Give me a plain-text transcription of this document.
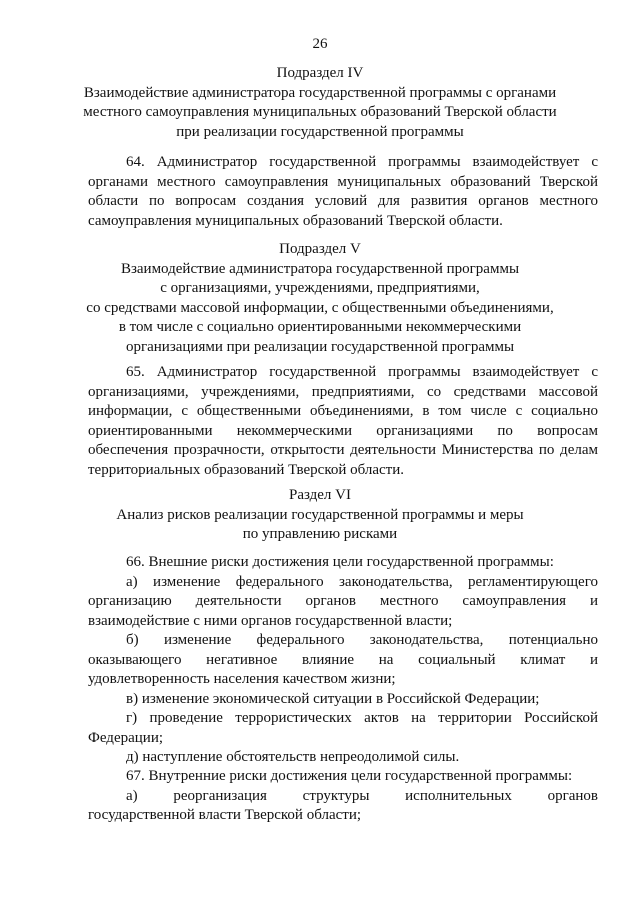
26
Подраздел IV
Взаимодействие администратора государственной программы с органами
местного самоуправления муниципальных образований Тверской области
при реализации государственной программы
64. Администратор государственной программы взаимодействует с
органами местного самоуправления муниципальных образований Тверской
области по вопросам создания условий для развития органов местного
самоуправления муниципальных образований Тверской области.
Подраздел V
Взаимодействие администратора государственной программы
с организациями, учреждениями, предприятиями,
со средствами массовой информации, с общественными объединениями,
в том числе с социально ориентированными некоммерческими
организациями при реализации государственной программы
65. Администратор государственной программы взаимодействует с
организациями, учреждениями, предприятиями, со средствами массовой
информации, с общественными объединениями, в том числе с социально
ориентированными некоммерческими организациями по вопросам
обеспечения прозрачности, открытости деятельности Министерства по делам
территориальных образований Тверской области.
Раздел VI
Анализ рисков реализации государственной программы и меры
по управлению рисками
66. Внешние риски достижения цели государственной программы:
а) изменение федерального законодательства, регламентирующего
организацию деятельности органов местного самоуправления и
взаимодействие с ними органов государственной власти;
б) изменение федерального законодательства, потенциально
оказывающего негативное влияние на социальный климат и
удовлетворенность населения качеством жизни;
в) изменение экономической ситуации в Российской Федерации;
г) проведение террористических актов на территории Российской
Федерации;
д) наступление обстоятельств непреодолимой силы.
67. Внутренние риски достижения цели государственной программы:
а) реорганизация структуры исполнительных органов
государственной власти Тверской области;
